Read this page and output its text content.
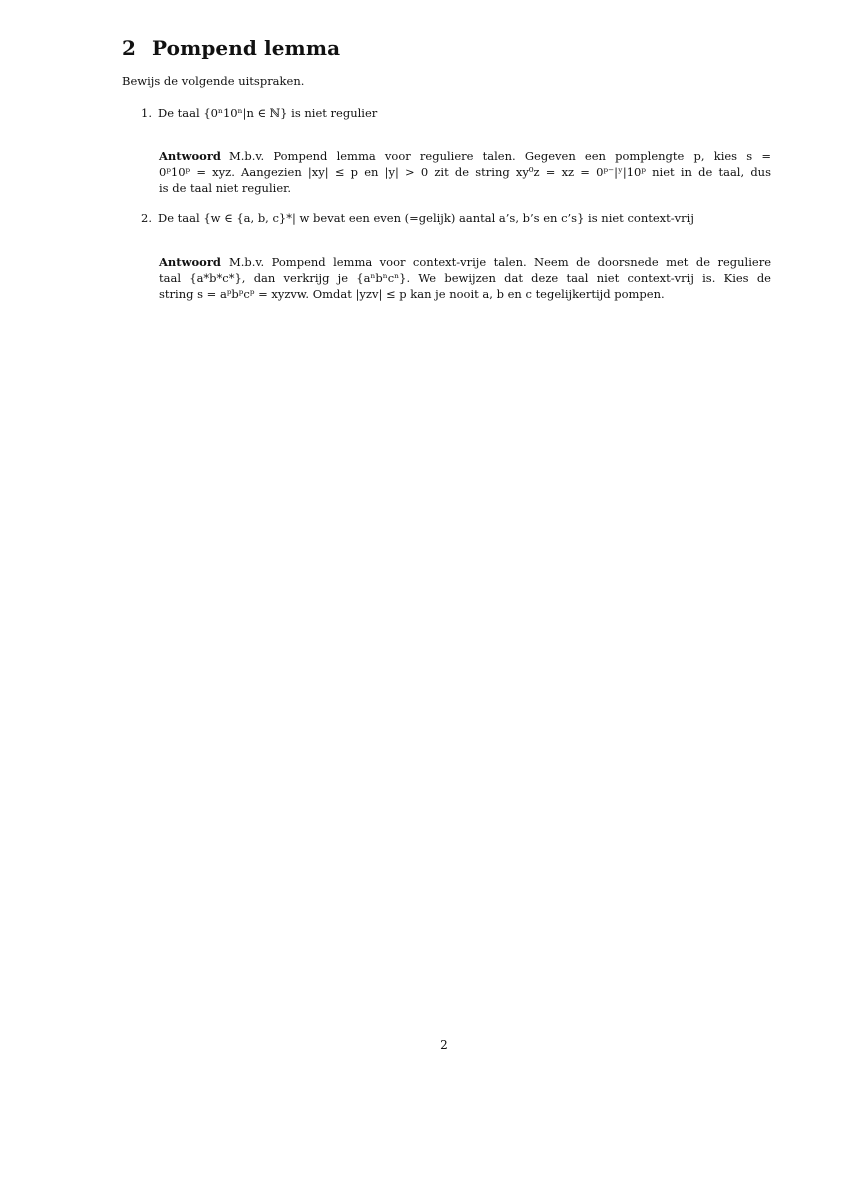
2 Pompend lemma
Bewijs de volgende uitspraken.
1. De taal {0ⁿ10ⁿ|n ∈ ℕ} is niet regulier
Antwoord M.b.v. Pompend lemma voor reguliere talen. Gegeven een pomplengte p, kies s =
0ᵖ10ᵖ = xyz. Aangezien |xy| ≤ p en |y| > 0 zit de string xy⁰z = xz = 0ᵖ⁻|ʸ|10ᵖ niet in de taal, dus
is de taal niet regulier.
2. De taal {w ∈ {a, b, c}*| w bevat een even (=gelijk) aantal a’s, b’s en c’s} is niet context-vrij
Antwoord M.b.v. Pompend lemma voor context-vrije talen. Neem de doorsnede met de reguliere
taal {a*b*c*}, dan verkrijg je {aⁿbⁿcⁿ}. We bewijzen dat deze taal niet context-vrij is. Kies de
string s = aᵖbᵖcᵖ = xyzvw. Omdat |yzv| ≤ p kan je nooit a, b en c tegelijkertijd pompen.
2
